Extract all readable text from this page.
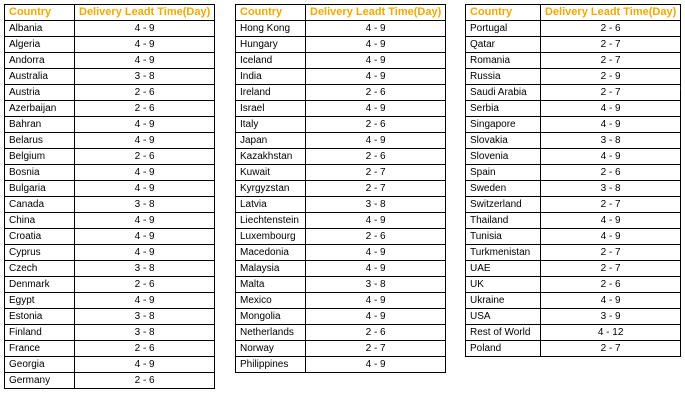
Country	Delivery Leadt Time(Day)
Albania	4 - 9
Algeria	4 - 9
Andorra	4 - 9
Australia	3 - 8
Austria	2 - 6
Azerbaijan	2 - 6
Bahran	4 - 9
Belarus	4 - 9
Belgium	2 - 6
Bosnia	4 - 9
Bulgaria	4 - 9
Canada	3 - 8
China	4 - 9
Croatia	4 - 9
Cyprus	4 - 9
Czech	3 - 8
Denmark	2 - 6
Egypt	4 - 9
Estonia	3 - 8
Finland	3 - 8
France	2 - 6
Georgia	4 - 9
Germany	2 - 6
Country	Delivery Leadt Time(Day)
Hong Kong	4 - 9
Hungary	4 - 9
Iceland	4 - 9
India	4 - 9
Ireland	2 - 6
Israel	4 - 9
Italy	2 - 6
Japan	4 - 9
Kazakhstan	2 - 6
Kuwait	2 - 7
Kyrgyzstan	2 - 7
Latvia	3 - 8
Liechtenstein	4 - 9
Luxembourg	2 - 6
Macedonia	4 - 9
Malaysia	4 - 9
Malta	3 - 8
Mexico	4 - 9
Mongolia	4 - 9
Netherlands	2 - 6
Norway	2 - 7
Philippines	4 - 9
Country	Delivery Leadt Time(Day)
Portugal	2 - 6
Qatar	2 - 7
Romania	2 - 7
Russia	2 - 9
Saudi Arabia	2 - 7
Serbia	4 - 9
Singapore	4 - 9
Slovakia	3 - 8
Slovenia	4 - 9
Spain	2 - 6
Sweden	3 - 8
Switzerland	2 - 7
Thailand	4 - 9
Tunisia	4 - 9
Turkmenistan	2 - 7
UAE	2 - 7
UK	2 - 6
Ukraine	4 - 9
USA	3 - 9
Rest of World	4 - 12
Poland	2 - 7
'
